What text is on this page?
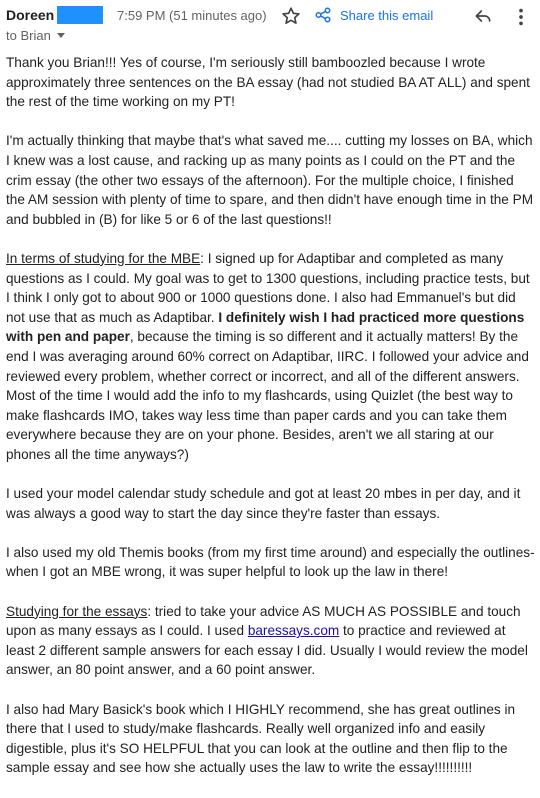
Doreen	7:59 PM (51 minutes ago)	Share this email
to Brian

Thank you Brian!!! Yes of course, I'm seriously still bamboozled because I wrote approximately three sentences on the BA essay (had not studied BA AT ALL) and spent the rest of the time working on my PT!

I'm actually thinking that maybe that's what saved me.... cutting my losses on BA, which I knew was a lost cause, and racking up as many points as I could on the PT and the crim essay (the other two essays of the afternoon). For the multiple choice, I finished the AM session with plenty of time to spare, and then didn't have enough time in the PM and bubbled in (B) for like 5 or 6 of the last questions!!

In terms of studying for the MBE: I signed up for Adaptibar and completed as many questions as I could. My goal was to get to 1300 questions, including practice tests, but I think I only got to about 900 or 1000 questions done. I also had Emmanuel's but did not use that as much as Adaptibar. I definitely wish I had practiced more questions with pen and paper, because the timing is so different and it actually matters! By the end I was averaging around 60% correct on Adaptibar, IIRC. I followed your advice and reviewed every problem, whether correct or incorrect, and all of the different answers. Most of the time I would add the info to my flashcards, using Quizlet (the best way to make flashcards IMO, takes way less time than paper cards and you can take them everywhere because they are on your phone. Besides, aren't we all staring at our phones all the time anyways?)

I used your model calendar study schedule and got at least 20 mbes in per day, and it was always a good way to start the day since they're faster than essays.

I also used my old Themis books (from my first time around) and especially the outlines- when I got an MBE wrong, it was super helpful to look up the law in there!

Studying for the essays: tried to take your advice AS MUCH AS POSSIBLE and touch upon as many essays as I could. I used baressays.com to practice and reviewed at least 2 different sample answers for each essay I did. Usually I would review the model answer, an 80 point answer, and a 60 point answer.

I also had Mary Basick's book which I HIGHLY recommend, she has great outlines in there that I used to study/make flashcards. Really well organized info and easily digestible, plus it's SO HELPFUL that you can look at the outline and then flip to the sample essay and see how she actually uses the law to write the essay!!!!!!!!!!
